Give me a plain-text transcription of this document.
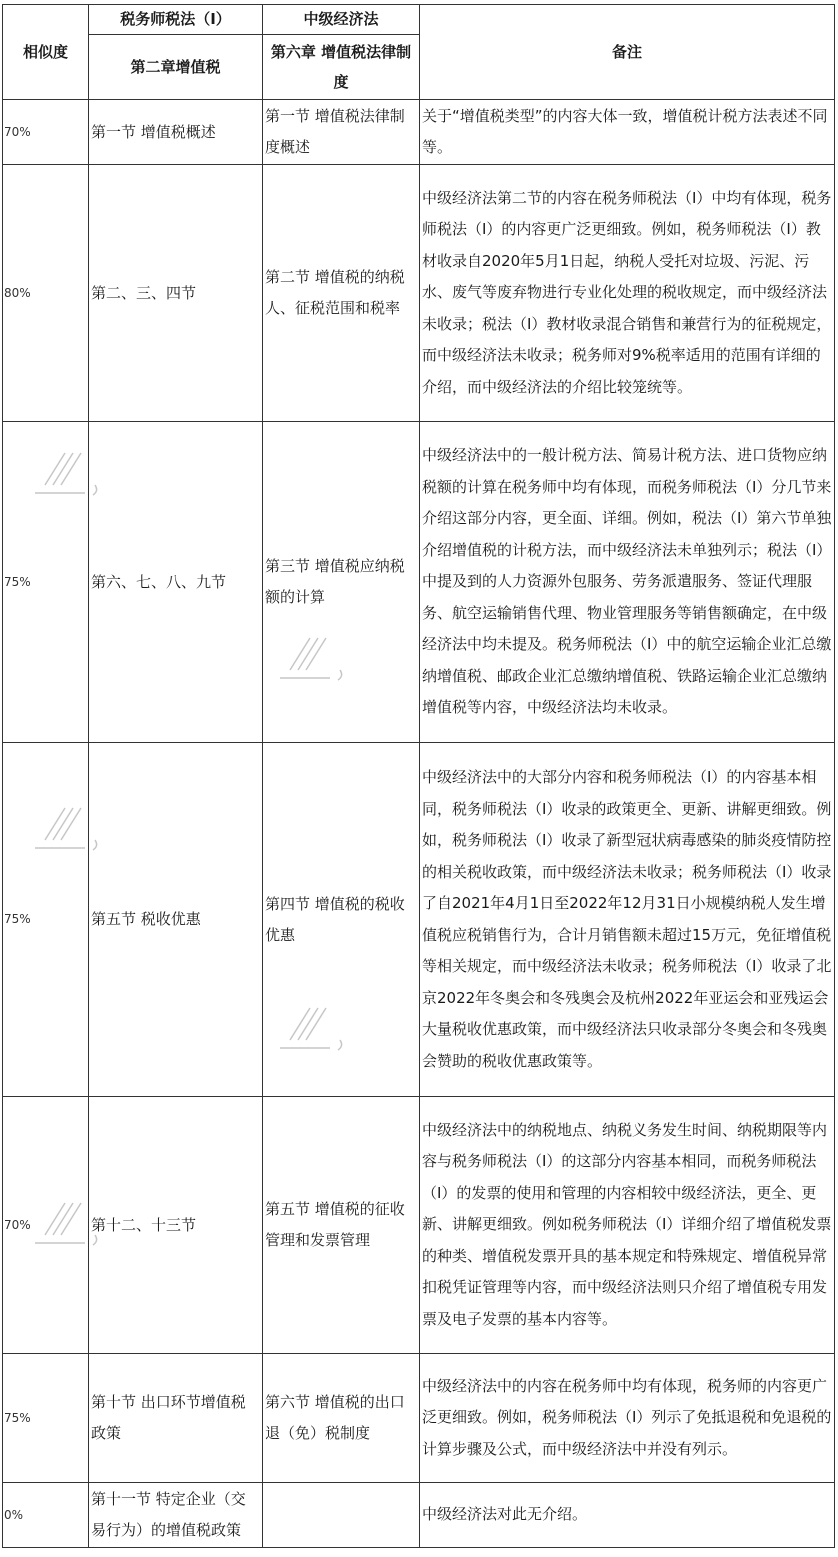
相似度	税务师税法（Ⅰ）	中级经济法	备注
	第二章增值税	第六章 增值税法律制度	
70%	第一节 增值税概述	第一节 增值税法律制度概述	关于“增值税类型”的内容大体一致，增值税计税方法表述不同等。
80%	第二、三、四节	第二节 增值税的纳税人、征税范围和税率	中级经济法第二节的内容在税务师税法（Ⅰ）中均有体现，税务师税法（Ⅰ）的内容更广泛更细致。例如，税务师税法（Ⅰ）教材收录自2020年5月1日起，纳税人受托对垃圾、污泥、污水、废气等废弃物进行专业化处理的税收规定，而中级经济法未收录；税法（Ⅰ）教材收录混合销售和兼营行为的征税规定，而中级经济法未收录；税务师对9%税率适用的范围有详细的介绍，而中级经济法的介绍比较笼统等。
75%	第六、七、八、九节	第三节 增值税应纳税额的计算	中级经济法中的一般计税方法、简易计税方法、进口货物应纳税额的计算在税务师中均有体现，而税务师税法（Ⅰ）分几节来介绍这部分内容，更全面、详细。例如，税法（Ⅰ）第六节单独介绍增值税的计税方法，而中级经济法未单独列示；税法（Ⅰ）中提及到的人力资源外包服务、劳务派遣服务、签证代理服务、航空运输销售代理、物业管理服务等销售额确定，在中级经济法中均未提及。税务师税法（Ⅰ）中的航空运输企业汇总缴纳增值税、邮政企业汇总缴纳增值税、铁路运输企业汇总缴纳增值税等内容，中级经济法均未收录。
75%	第五节 税收优惠	第四节 增值税的税收优惠	中级经济法中的大部分内容和税务师税法（Ⅰ）的内容基本相同，税务师税法（Ⅰ）收录的政策更全、更新、讲解更细致。例如，税务师税法（Ⅰ）收录了新型冠状病毒感染的肺炎疫情防控的相关税收政策，而中级经济法未收录；税务师税法（Ⅰ）收录了自2021年4月1日至2022年12月31日小规模纳税人发生增值税应税销售行为，合计月销售额未超过15万元，免征增值税等相关规定，而中级经济法未收录；税务师税法（Ⅰ）收录了北京2022年冬奥会和冬残奥会及杭州2022年亚运会和亚残运会大量税收优惠政策，而中级经济法只收录部分冬奥会和冬残奥会赞助的税收优惠政策等。
70%	第十二、十三节	第五节 增值税的征收管理和发票管理	中级经济法中的纳税地点、纳税义务发生时间、纳税期限等内容与税务师税法（Ⅰ）的这部分内容基本相同，而税务师税法（Ⅰ）的发票的使用和管理的内容相较中级经济法，更全、更新、讲解更细致。例如税务师税法（Ⅰ）详细介绍了增值税发票的种类、增值税发票开具的基本规定和特殊规定、增值税异常扣税凭证管理等内容，而中级经济法则只介绍了增值税专用发票及电子发票的基本内容等。
75%	第十节 出口环节增值税政策	第六节 增值税的出口退（免）税制度	中级经济法中的内容在税务师中均有体现，税务师的内容更广泛更细致。例如，税务师税法（Ⅰ）列示了免抵退税和免退税的计算步骤及公式，而中级经济法中并没有列示。
0%	第十一节 特定企业（交易行为）的增值税政策		中级经济法对此无介绍。
